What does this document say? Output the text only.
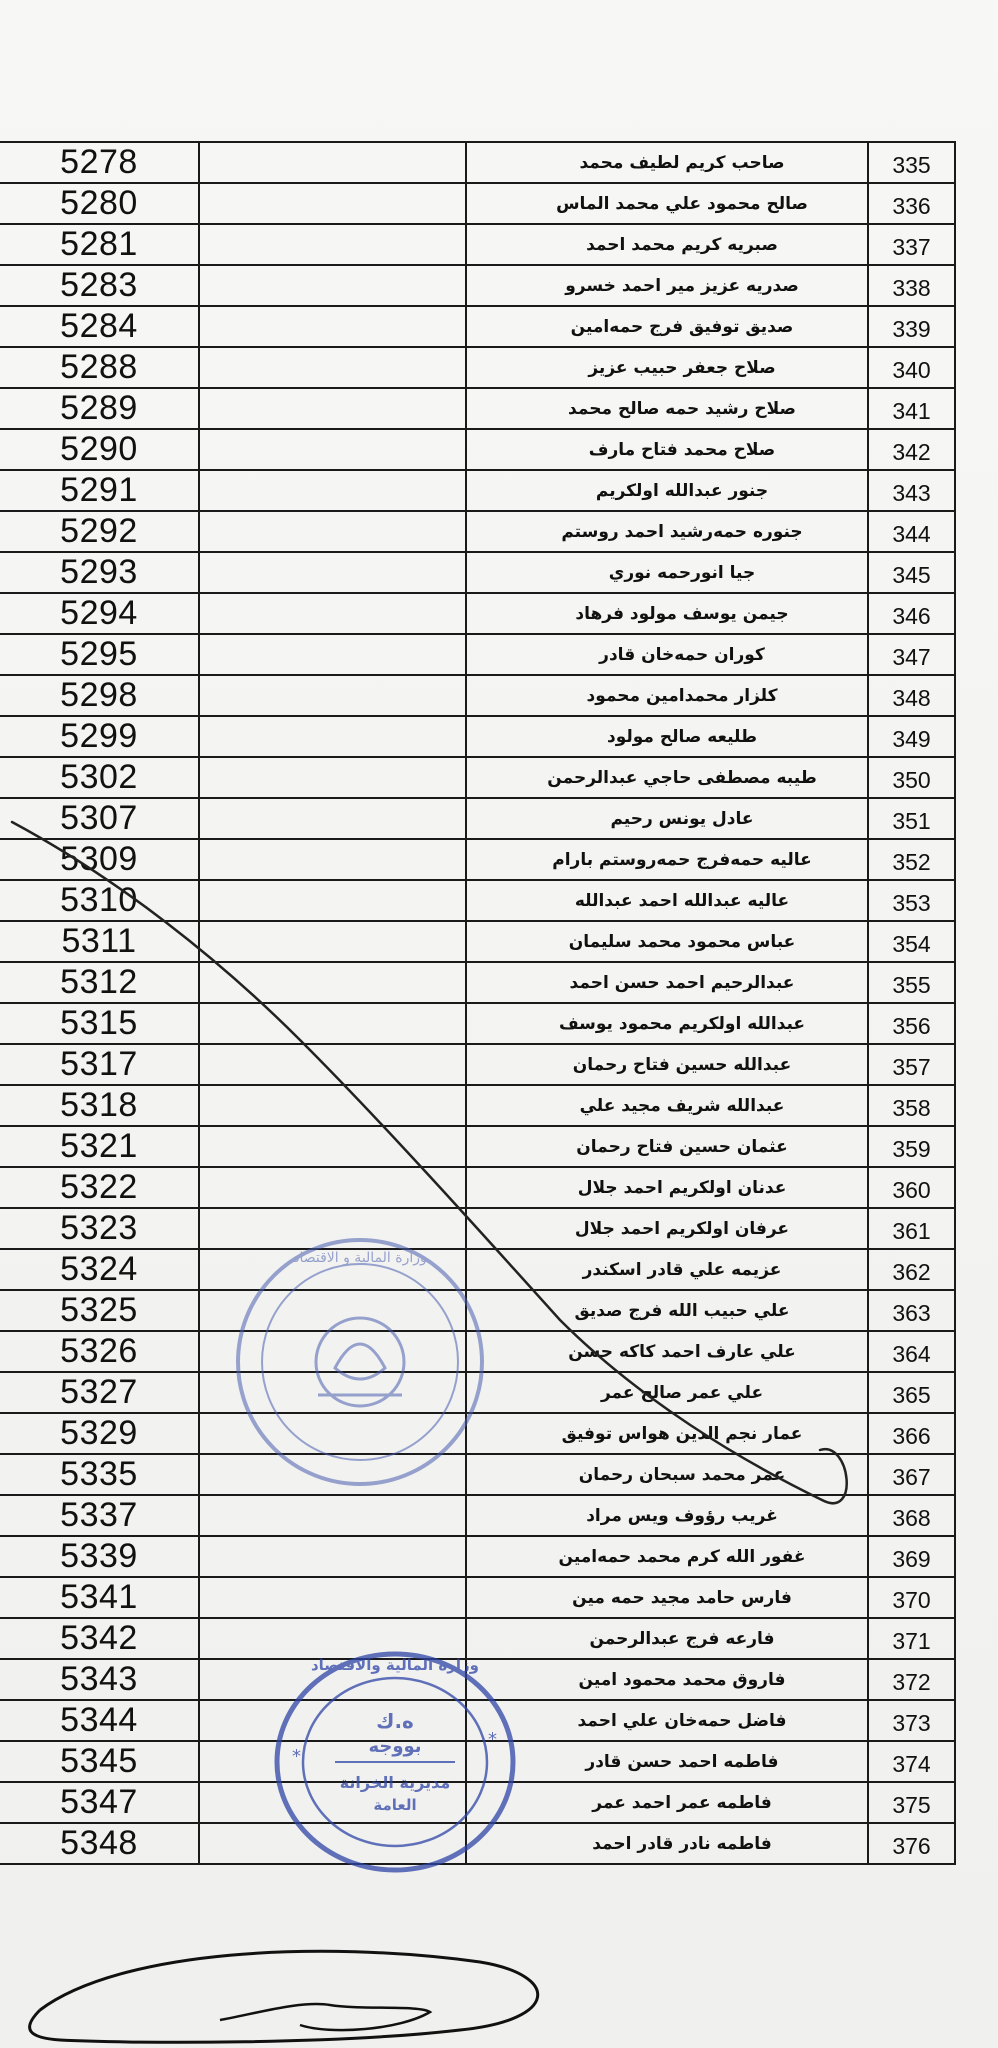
5278		صاحب كريم لطيف محمد	335
5280		صالح محمود علي محمد الماس	336
5281		صبريه كريم محمد احمد	337
5283		صدريه عزيز مير احمد خسرو	338
5284		صديق توفيق فرج حمه‌امين	339
5288		صلاح جعفر حبيب عزيز	340
5289		صلاح رشيد حمه صالح محمد	341
5290		صلاح محمد فتاح مارف	342
5291		جنور عبدالله اولكريم	343
5292		جنوره حمه‌رشيد احمد روستم	344
5293		جيا انورحمه نوري	345
5294		جيمن يوسف مولود فرهاد	346
5295		كوران حمه‌خان قادر	347
5298		كلزار محمدامين محمود	348
5299		طليعه صالح مولود	349
5302		طيبه مصطفى حاجي عبدالرحمن	350
5307		عادل يونس رحيم	351
5309		عاليه حمه‌فرج حمه‌روستم بارام	352
5310		عاليه عبدالله احمد عبدالله	353
5311		عباس محمود محمد سليمان	354
5312		عبدالرحيم احمد حسن احمد	355
5315		عبدالله اولكريم محمود يوسف	356
5317		عبدالله حسين فتاح رحمان	357
5318		عبدالله شريف مجيد علي	358
5321		عثمان حسين فتاح رحمان	359
5322		عدنان اولكريم احمد جلال	360
5323		عرفان اولكريم احمد جلال	361
5324		عزيمه علي قادر اسكندر	362
5325		علي حبيب الله فرج صديق	363
5326		علي عارف احمد كاكه حسن	364
5327		علي عمر صالح عمر	365
5329		عمار نجم الدين هواس توفيق	366
5335		عمر محمد سبحان رحمان	367
5337		غريب رؤوف ويس مراد	368
5339		غفور الله كرم محمد حمه‌امين	369
5341		فارس حامد مجيد حمه مين	370
5342		فارعه فرج عبدالرحمن	371
5343		فاروق محمد محمود امين	372
5344		فاضل حمه‌خان علي احمد	373
5345		فاطمه احمد حسن قادر	374
5347		فاطمه عمر احمد عمر	375
5348		فاطمه نادر قادر احمد	376
وزارة المالية و الاقتصاد
وزارة المالية والاقتصاد
ه.ك
بووجه
مديرية الخزانة
العامة
*
*
